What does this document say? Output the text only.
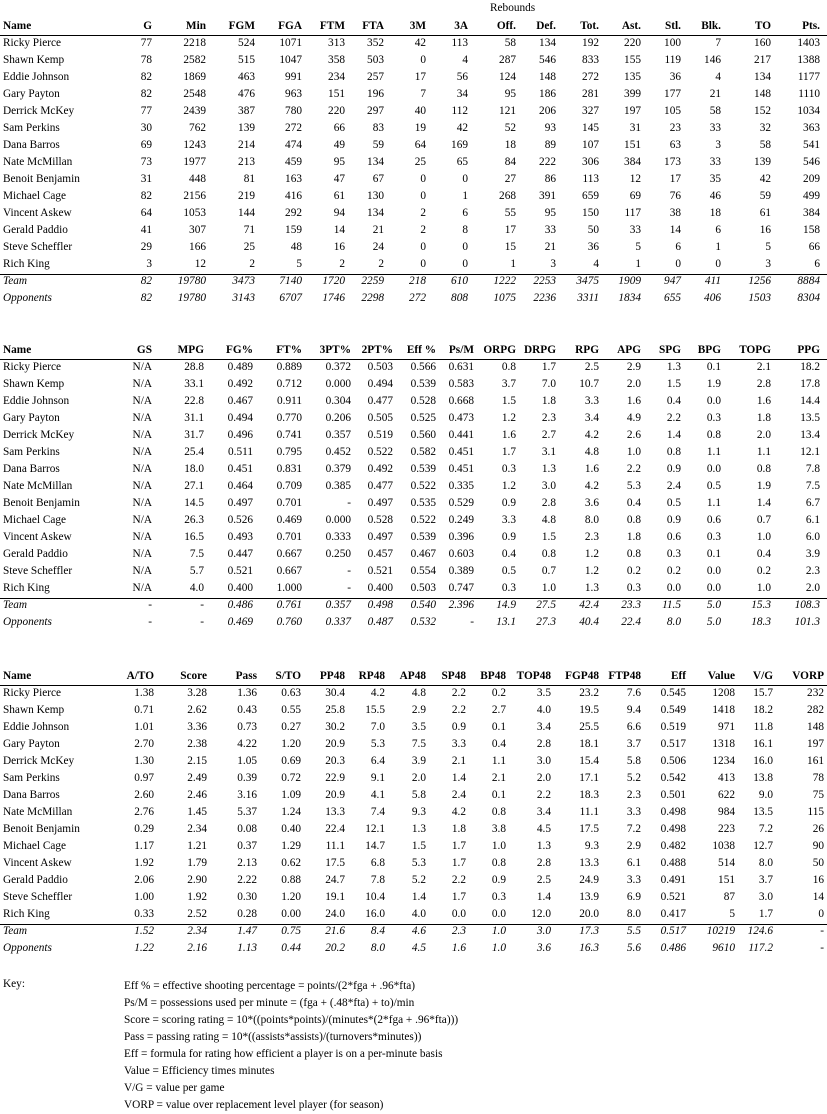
Rebounds
Name	G	Min FGM FGA FTM FTA 3M 3A	Off. Def. Tot. Ast. Stl. Blk.	TO	Pts.
Ricky Pierce	77	2218	524 1071 313 352	42 113	58 134 192 220 100	7	160 1403
Shawn Kemp	78	2582	515 1047 358 503	0	4	287 546 833 155 119 146	217 1388
Eddie Johnson	82	1869	463	991 234 257	17	56	124 148 272 135	36	4	134 1177
Gary Payton	82	2548	476	963 151 196	7	34	95 186 281 399 177	21	148 1110
Derrick McKey	77	2439	387	780 220 297	40 112	121 206 327 197 105	58	152 1034
Sam Perkins	30	762	139	272	66 83	19	42	52	93 145	31	23	33	32	363
Dana Barros	69	1243	214	474	49 59	64 169	18	89 107 151	63	3	58	541
Nate McMillan	73	1977	213	459	95 134	25	65	84 222 306 384 173	33	139	546
Benoit Benjamin	31	448	81	163	47 67	0	0	27	86 113	12	17	35	42	209
Michael Cage	82	2156	219	416	61 130	0	1	268 391 659	69	76	46	59	499
Vincent Askew	64	1053	144	292	94 134	2	6	55	95 150 117	38	18	61	384
Gerald Paddio	41	307	71	159	14 21	2	8	17	33	50	33	14	6	16	158
Steve Scheffler	29	166	25	48	16 24	0	0	15	21	36	5	6	1	5	66
Rich King	3	12	2	5	2	2	0	0	1	3	4	1	0	0	3	6
Team	82 19780 3473 7140 1720 2259 218 610 1222 2253 3475 1909 947 411 1256 8884
Opponents	82 19780 3143 6707 1746 2298 272 808 1075 2236 3311 1834 655 406 1503 8304
Name	GS MPG FG% FT% 3PT% 2PT% Eff % Ps/M ORPG DRPG RPG APG SPG BPG TOPG PPG
Ricky Pierce	N/A	28.8 0.489 0.889 0.372 0.503 0.566 0.631 0.8 1.7	2.5 2.9 1.3 0.1	2.1	18.2
Shawn Kemp	N/A	33.1 0.492 0.712 0.000 0.494 0.539 0.583 3.7 7.0 10.7 2.0 1.5 1.9	2.8	17.8
Eddie Johnson	N/A	22.8 0.467 0.911 0.304 0.477 0.528 0.668 1.5 1.8	3.3 1.6 0.4 0.0	1.6	14.4
Gary Payton	N/A	31.1 0.494 0.770 0.206 0.505 0.525 0.473 1.2 2.3	3.4 4.9 2.2 0.3	1.8	13.5
Derrick McKey	N/A	31.7 0.496 0.741 0.357 0.519 0.560 0.441 1.6 2.7	4.2 2.6 1.4 0.8	2.0	13.4
Sam Perkins	N/A	25.4 0.511 0.795 0.452 0.522 0.582 0.451 1.7 3.1	4.8 1.0 0.8 1.1	1.1	12.1
Dana Barros	N/A	18.0 0.451 0.831 0.379 0.492 0.539 0.451 0.3 1.3	1.6 2.2 0.9 0.0	0.8	7.8
Nate McMillan	N/A	27.1 0.464 0.709 0.385 0.477 0.522 0.335 1.2 3.0	4.2 5.3 2.4 0.5	1.9	7.5
Benoit Benjamin	N/A	14.5 0.497 0.701	- 0.497 0.535 0.529 0.9 2.8	3.6 0.4 0.5 1.1	1.4	6.7
Michael Cage	N/A	26.3 0.526 0.469 0.000 0.528 0.522 0.249 3.3 4.8	8.0 0.8 0.9 0.6	0.7	6.1
Vincent Askew	N/A	16.5 0.493 0.701 0.333 0.497 0.539 0.396 0.9 1.5	2.3 1.8 0.6 0.3	1.0	6.0
Gerald Paddio	N/A	7.5 0.447 0.667 0.250 0.457 0.467 0.603 0.4 0.8	1.2 0.8 0.3 0.1	0.4	3.9
Steve Scheffler	N/A	5.7 0.521 0.667	- 0.521 0.554 0.389 0.5 0.7	1.2 0.2 0.2 0.0	0.2	2.3
Rich King	N/A	4.0 0.400 1.000	- 0.400 0.503 0.747 0.3 1.0	1.3 0.3 0.0 0.0	1.0	2.0
Team	-	- 0.486 0.761 0.357 0.498 0.540 2.396 14.9 27.5 42.4 23.3 11.5 5.0	15.3 108.3
Opponents	-	- 0.469 0.760 0.337 0.487 0.532	- 13.1 27.3 40.4 22.4 8.0 5.0	18.3 101.3
Name	A/TO Score	Pass S/TO PP48 RP48 AP48 SP48 BP48 TOP48 FGP48 FTP48	Eff Value V/G VORP
Ricky Pierce	1.38	3.28	1.36 0.63 30.4 4.2 4.8 2.2 0.2	3.5 23.2 7.6 0.545 1208 15.7	232
Shawn Kemp	0.71	2.62	0.43 0.55 25.8 15.5 2.9 2.2 2.7	4.0 19.5 9.4 0.549 1418 18.2	282
Eddie Johnson	1.01	3.36	0.73 0.27 30.2 7.0 3.5 0.9 0.1	3.4 25.5 6.6 0.519	971 11.8	148
Gary Payton	2.70	2.38	4.22 1.20 20.9 5.3 7.5 3.3 0.4	2.8 18.1 3.7 0.517 1318 16.1	197
Derrick McKey	1.30	2.15	1.05 0.69 20.3 6.4 3.9 2.1 1.1	3.0 15.4 5.8 0.506 1234 16.0	161
Sam Perkins	0.97	2.49	0.39 0.72 22.9 9.1 2.0 1.4 2.1	2.0 17.1 5.2 0.542	413 13.8	78
Dana Barros	2.60	2.46	3.16 1.09 20.9 4.1 5.8 2.4 0.1	2.2 18.3 2.3 0.501	622 9.0	75
Nate McMillan	2.76	1.45	5.37 1.24 13.3 7.4 9.3 4.2 0.8	3.4	11.1 3.3 0.498	984 13.5	115
Benoit Benjamin	0.29	2.34	0.08 0.40 22.4 12.1 1.3 1.8 3.8	4.5 17.5 7.2 0.498	223 7.2	26
Michael Cage	1.17	1.21	0.37 1.29 11.1 14.7 1.5 1.7 1.0	1.3	9.3 2.9 0.482 1038 12.7	90
Vincent Askew	1.92	1.79	2.13 0.62 17.5 6.8 5.3 1.7 0.8	2.8 13.3 6.1 0.488	514 8.0	50
Gerald Paddio	2.06	2.90	2.22 0.88 24.7 7.8 5.2 2.2 0.9	2.5 24.9 3.3 0.491	151 3.7	16
Steve Scheffler	1.00	1.92	0.30 1.20 19.1 10.4 1.4 1.7 0.3	1.4 13.9 6.9 0.521	87 3.0	14
Rich King	0.33	2.52	0.28 0.00 24.0 16.0 4.0 0.0 0.0 12.0 20.0 8.0 0.417	5 1.7	0
Team	1.52	2.34	1.47 0.75 21.6 8.4 4.6 2.3 1.0	3.0 17.3 5.5 0.517 10219 124.6	-
Opponents	1.22	2.16	1.13 0.44 20.2 8.0 4.5 1.6 1.0	3.6 16.3 5.6 0.486 9610 117.2	-
Key:	Eff % = effective shooting percentage = points/(2*fga + .96*fta)
Ps/M = possessions used per minute = (fga + (.48*fta) + to)/min
Score = scoring rating = 10*((points*points)/(minutes*(2*fga + .96*fta)))
Pass = passing rating = 10*((assists*assists)/(turnovers*minutes))
Eff = formula for rating how efficient a player is on a per-minute basis
Value = Efficiency times minutes
V/G = value per game
VORP = value over replacement level player (for season)
